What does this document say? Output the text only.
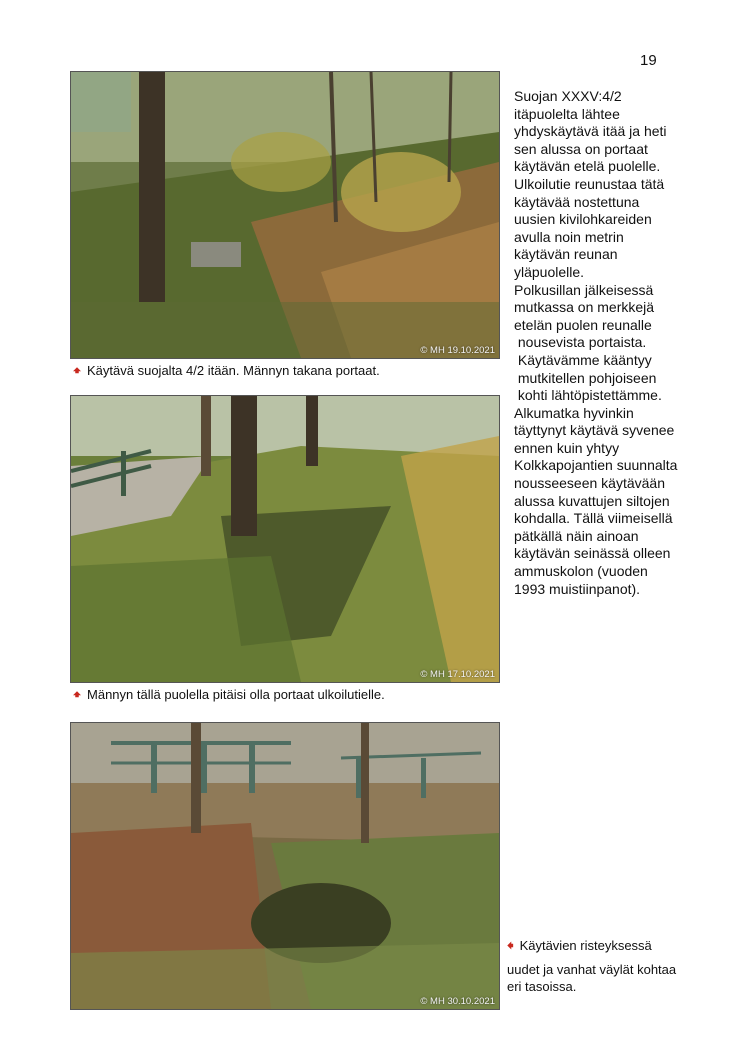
19
© MH 19.10.2021
🠹 Käytävä suojalta 4/2 itään. Männyn takana portaat.
© MH 17.10.2021
🠹 Männyn tällä puolella pitäisi olla portaat ulkoilutielle.
© MH 30.10.2021
🠸 Käytävien risteyksessä
uudet ja vanhat väylät kohtaa
eri tasoissa.
Suojan XXXV:4/2
itäpuolelta lähtee
yhdyskäytävä itää ja heti
sen alussa on portaat
käytävän etelä puolelle.
Ulkoilutie reunustaa tätä
käytävää nostettuna
uusien kivilohkareiden
avulla noin metrin
käytävän reunan
yläpuolelle.
Polkusillan jälkeisessä
mutkassa on merkkejä
etelän puolen reunalle
nousevista portaista.
Käytävämme kääntyy
mutkitellen pohjoiseen
kohti lähtöpistettämme.
Alkumatka hyvinkin
täyttynyt käytävä syvenee
ennen kuin yhtyy
Kolkkapojantien suunnalta
nousseeseen käytävään
alussa kuvattujen siltojen
kohdalla. Tällä viimeisellä
pätkällä näin ainoan
käytävän seinässä olleen
ammuskolon (vuoden
1993 muistiinpanot).
